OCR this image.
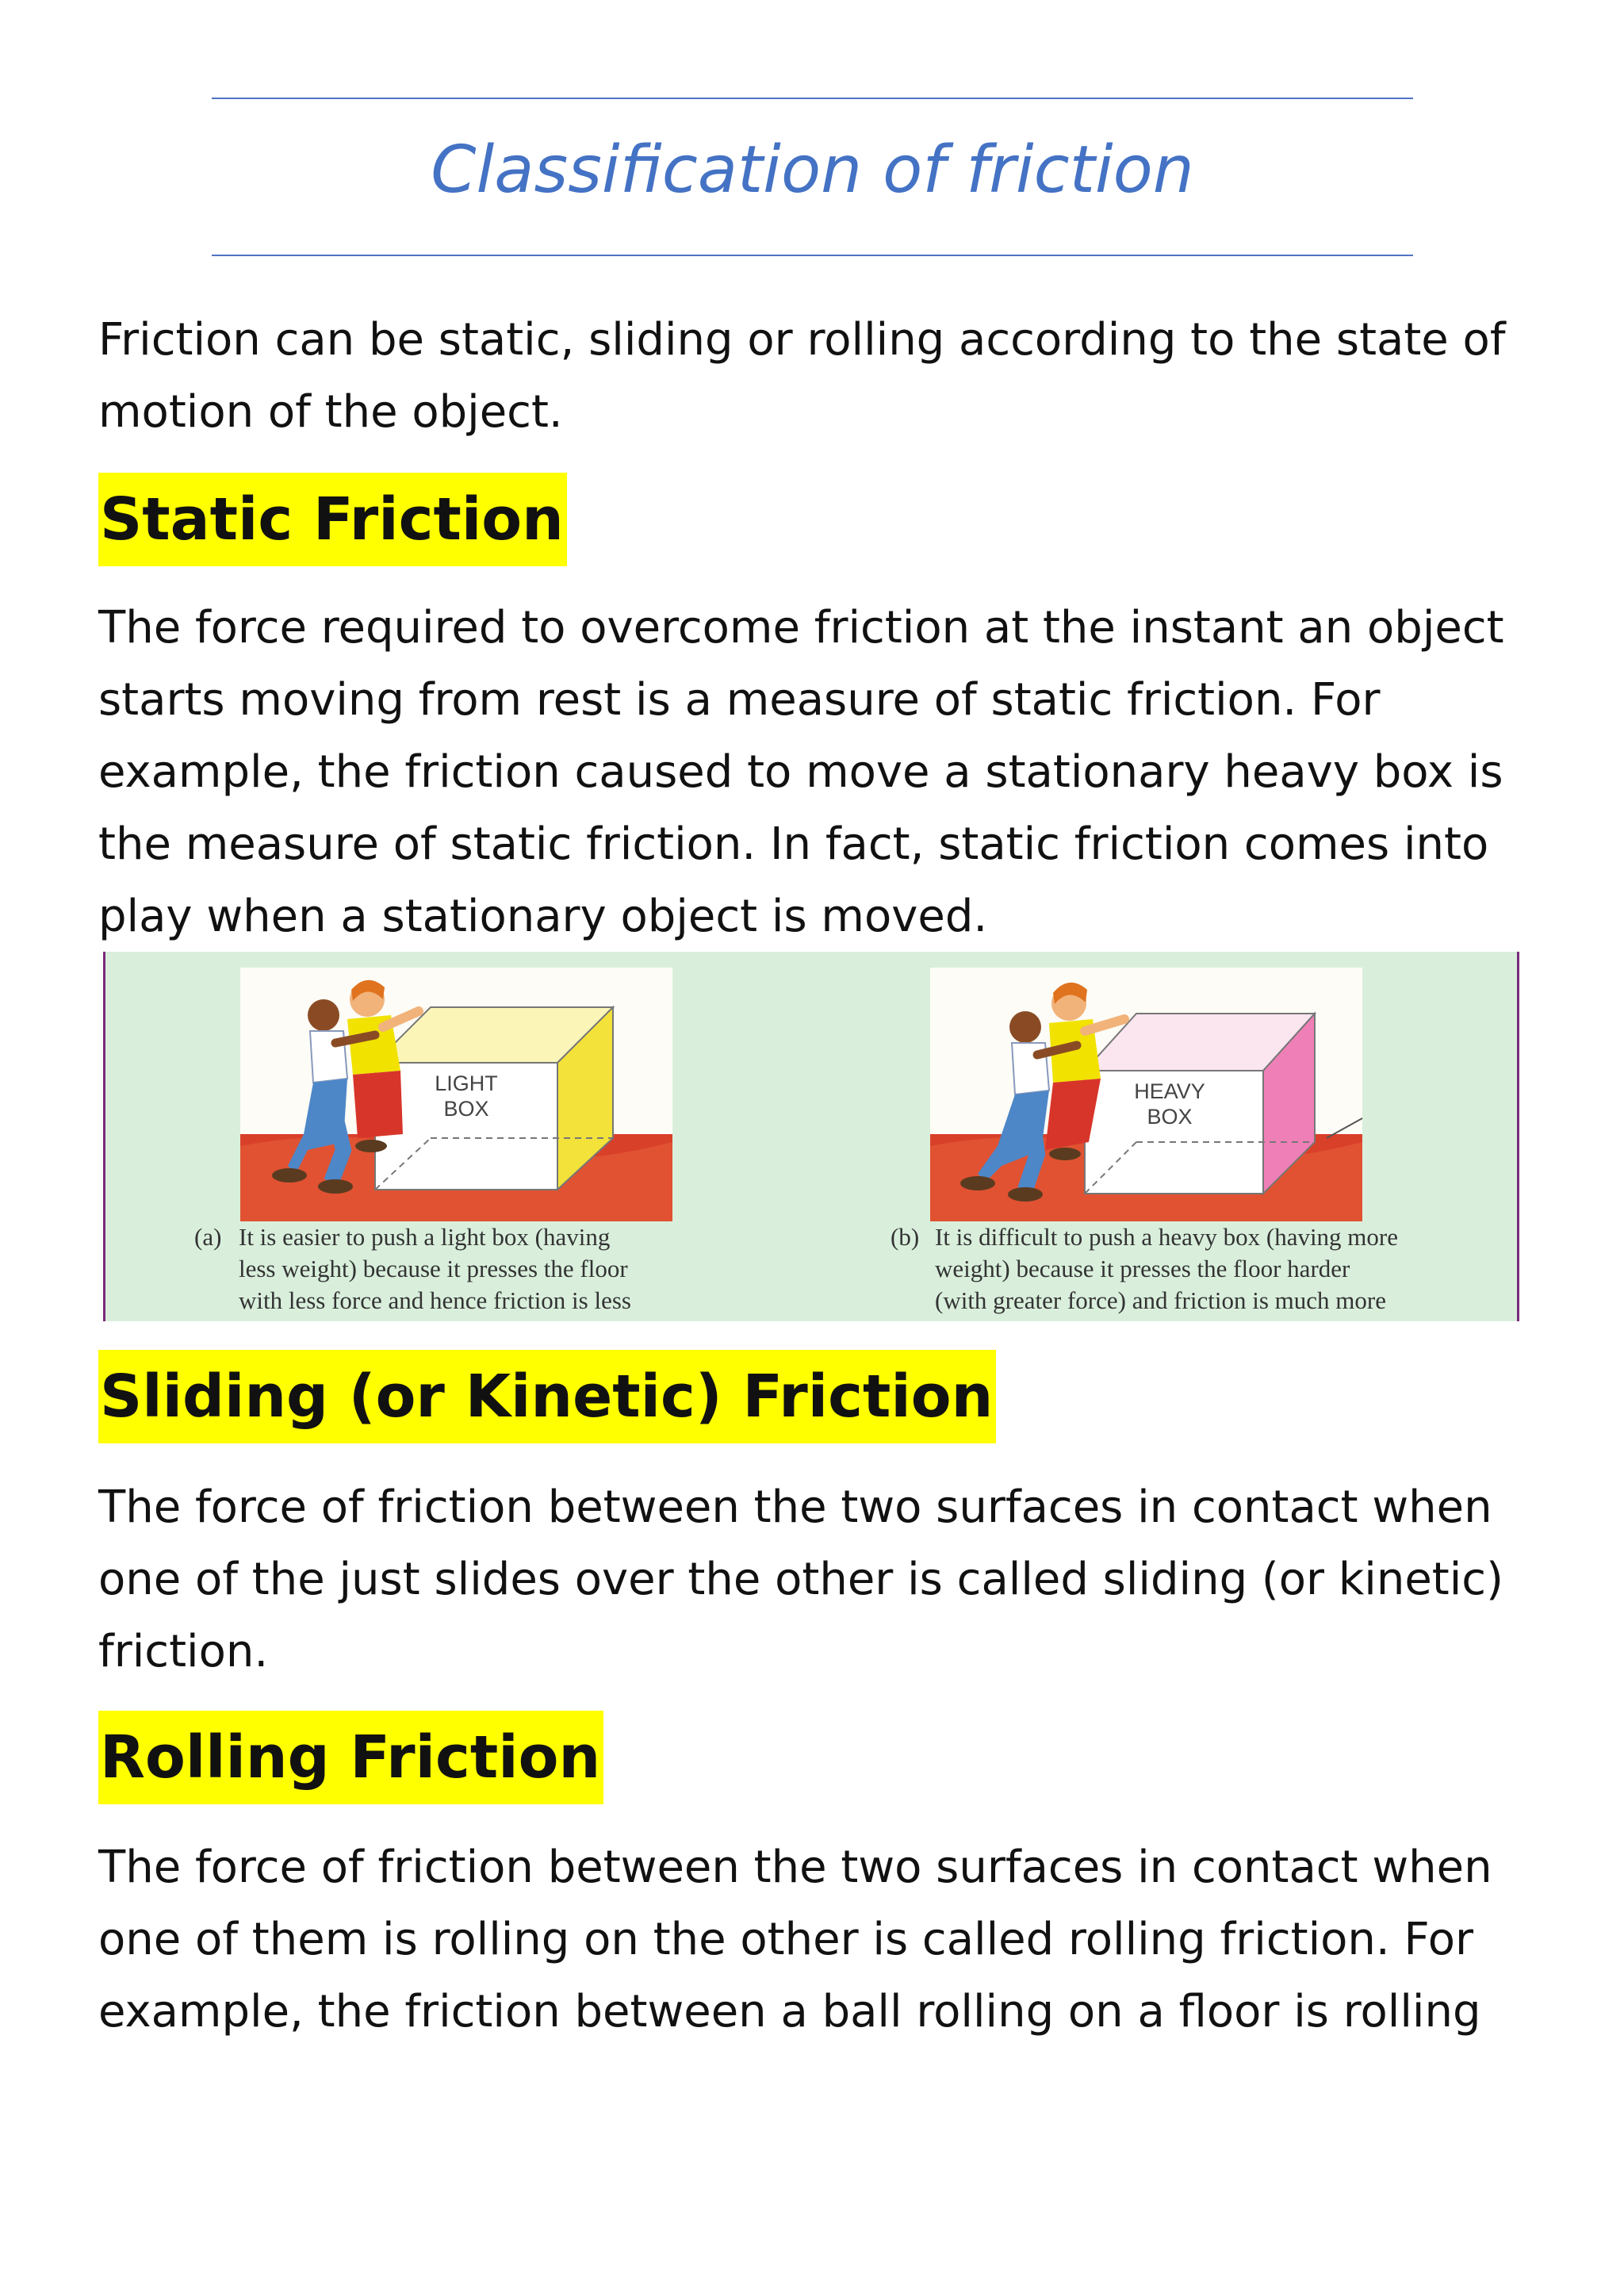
Classification of friction

Friction can be static, sliding or rolling according to the state of
motion of the object.

Static Friction

The force required to overcome friction at the instant an object
starts moving from rest is a measure of static friction. For
example, the friction caused to move a stationary heavy box is
the measure of static friction. In fact, static friction comes into
play when a stationary object is moved.

LIGHT
BOX
HEAVY
BOX
(a) It is easier to push a light box (having
less weight) because it presses the floor
with less force and hence friction is less
(b) It is difficult to push a heavy box (having more
weight) because it presses the floor harder
(with greater force) and friction is much more
Sliding (or Kinetic) Friction

The force of friction between the two surfaces in contact when
one of the just slides over the other is called sliding (or kinetic)
friction.

Rolling Friction

The force of friction between the two surfaces in contact when
one of them is rolling on the other is called rolling friction. For
example, the friction between a ball rolling on a floor is rolling
